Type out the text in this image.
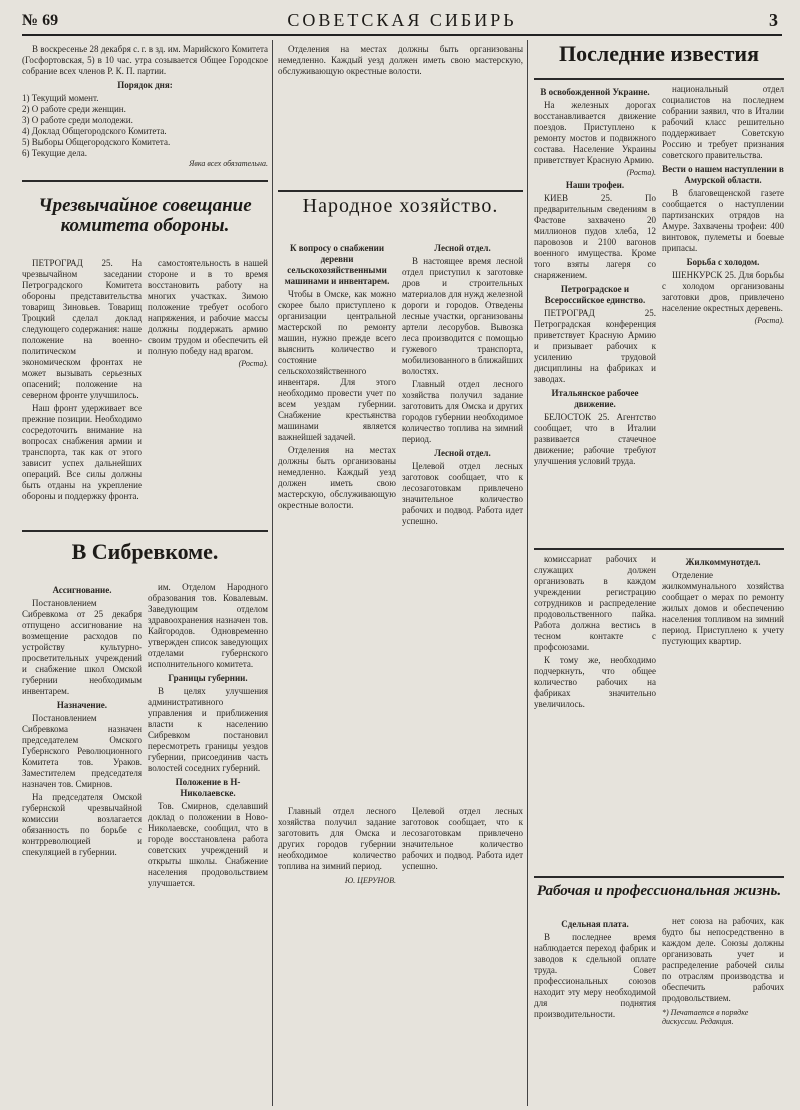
№ 69	СОВЕТСКАЯ СИБИРЬ	3

В воскресенье 28 декабря с. г. в зд. им. Марийского Комитета (Госфортовская, 5) в 10 час. утра созывается Общее Городское собрание всех членов Р. К. П. партии.

Порядок дня:
1) Текущий момент.
2) О работе среди женщин.
3) О работе среди молодежи.
4) Доклад Общегородского Комитета.
5) Выборы Общегородского Комитета.
6) Текущие дела.
Явка всех обязательна.
Чрезвычайное совещание комитета обороны.

ПЕТРОГРАД 25. На чрезвычайном заседании Петроградского Комитета обороны представительства товарищ Зиновьев. Товарищ Троцкий сделал доклад следующего содержания: наше положение на военно-политическом и экономическом фронтах не может вызывать серьезных опасений; положение на северном фронте улучшилось.

Наш фронт удерживает все прежние позиции. Необходимо сосредоточить внимание на вопросах снабжения армии и транспорта, так как от этого зависит успех дальнейших операций. Все силы должны быть отданы на укрепление обороны и поддержку фронта.

самостоятельность в нашей стороне и в то время восстановить работу на многих участках. Зимою положение требует особого напряжения, и рабочие массы должны поддержать армию своим трудом и обеспечить ей полную победу над врагом.

(Роста).
В Сибревкоме.
Ассигнование.

Постановлением Сибревкома от 25 декабря отпущено ассигнование на возмещение расходов по устройству культурно-просветительных учреждений и снабжение школ Омской губернии необходимым инвентарем.

Назначение.

Постановлением Сибревкома назначен председателем Омского Губернского Революционного Комитета тов. Ураков. Заместителем председателя назначен тов. Смирнов.

На председателя Омской губернской чрезвычайной комиссии возлагается обязанность по борьбе с контрреволюцией и спекуляцией в губернии.

им. Отделом Народного образования тов. Ковалевым. Заведующим отделом здравоохранения назначен тов. Кайгородов. Одновременно утвержден список заведующих отделами губернского исполнительного комитета.

Границы губернии.

В целях улучшения административного управления и приближения власти к населению Сибревком постановил пересмотреть границы уездов губернии, присоединив часть волостей соседних губерний.

Положение в Н-Николаевске.

Тов. Смирнов, сделавший доклад о положении в Ново-Николаевске, сообщил, что в городе восстановлена работа советских учреждений и открыты школы. Снабжение населения продовольствием улучшается.

Отделения на местах должны быть организованы немедленно. Каждый уезд должен иметь свою мастерскую, обслуживающую окрестные волости.

Народное хозяйство.
К вопросу о снабжении деревни сельскохозяйственными машинами и инвентарем.

Чтобы в Омске, как можно скорее было приступлено к организации центральной мастерской по ремонту машин, нужно прежде всего выяснить количество и состояние сельскохозяйственного инвентаря. Для этого необходимо провести учет по всем уездам губернии. Снабжение крестьянства машинами является важнейшей задачей.

Отделения на местах должны быть организованы немедленно. Каждый уезд должен иметь свою мастерскую, обслуживающую окрестные волости.

Лесной отдел.

В настоящее время лесной отдел приступил к заготовке дров и строительных материалов для нужд железной дороги и городов. Отведены лесные участки, организованы артели лесорубов. Вывозка леса производится с помощью гужевого транспорта, мобилизованного в ближайших волостях.

Главный отдел лесного хозяйства получил задание заготовить для Омска и других городов губернии необходимое количество топлива на зимний период.

Лесной отдел.

Целевой отдел лесных заготовок сообщает, что к лесозаготовкам привлечено значительное количество рабочих и подвод. Работа идет успешно.

Главный отдел лесного хозяйства получил задание заготовить для Омска и других городов губернии необходимое количество топлива на зимний период.

Ю. ЦЕРУНОВ.

Целевой отдел лесных заготовок сообщает, что к лесозаготовкам привлечено значительное количество рабочих и подвод. Работа идет успешно.

Последние известия
В освобожденной Украине.

На железных дорогах восстанавливается движение поездов. Приступлено к ремонту мостов и подвижного состава. Население Украины приветствует Красную Армию.

(Роста).
Наши трофеи.

КИЕВ 25. По предварительным сведениям в Фастове захвачено 20 миллионов пудов хлеба, 12 паровозов и 2100 вагонов военного имущества. Кроме того взяты лагеря со снаряжением.

Петроградское и Всероссийское единство.

ПЕТРОГРАД 25. Петроградская конференция приветствует Красную Армию и призывает рабочих к усилению трудовой дисциплины на фабриках и заводах.

Итальянское рабочее движение.

БЕЛОСТОК 25. Агентство сообщает, что в Италии развивается стачечное движение; рабочие требуют улучшения условий труда.

национальный отдел социалистов на последнем собрании заявил, что в Италии рабочий класс решительно поддерживает Советскую Россию и требует признания советского правительства.

Вести о нашем наступлении в Амурской области.

В благовещенской газете сообщается о наступлении партизанских отрядов на Амуре. Захвачены трофеи: 400 винтовок, пулеметы и боевые припасы.

Борьба с холодом.

ШЕНКУРСК 25. Для борьбы с холодом организованы заготовки дров, привлечено население окрестных деревень.

(Роста).

комиссариат рабочих и служащих должен организовать в каждом учреждении регистрацию сотрудников и распределение продовольственного пайка. Работа должна вестись в тесном контакте с профсоюзами.

К тому же, необходимо подчеркнуть, что общее количество рабочих на фабриках значительно увеличилось.

Жилкоммунотдел.

Отделение жилкоммунального хозяйства сообщает о мерах по ремонту жилых домов и обеспечению населения топливом на зимний период. Приступлено к учету пустующих квартир.

Рабочая и профессиональная жизнь.
Сдельная плата.

В последнее время наблюдается переход фабрик и заводов к сдельной оплате труда. Совет профессиональных союзов находит эту меру необходимой для поднятия производительности.

нет союза на рабочих, как будто бы непосредственно в каждом деле. Союзы должны организовать учет и распределение рабочей силы по отраслям производства и обеспечить рабочих продовольствием.

*) Печатается в порядке дискуссии. Редакция.
